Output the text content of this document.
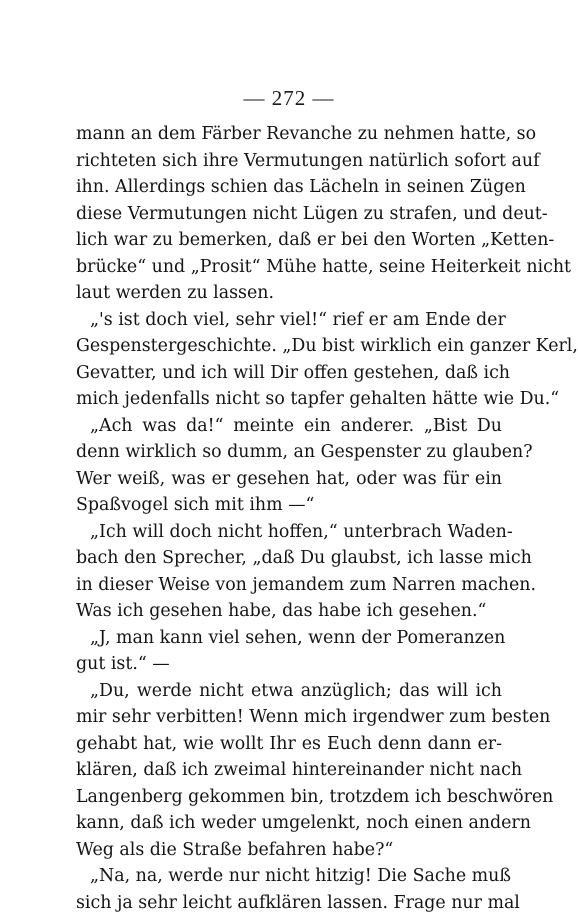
— 272 —
mann an dem Färber Revanche zu nehmen hatte, so
richteten sich ihre Vermutungen natürlich sofort auf
ihn. Allerdings schien das Lächeln in seinen Zügen
diese Vermutungen nicht Lügen zu strafen, und deut-
lich war zu bemerken, daß er bei den Worten „Ketten-
brücke“ und „Prosit“ Mühe hatte, seine Heiterkeit nicht
laut werden zu lassen.
„'s ist doch viel, sehr viel!“ rief er am Ende der
Gespenstergeschichte. „Du bist wirklich ein ganzer Kerl,
Gevatter, und ich will Dir offen gestehen, daß ich
mich jedenfalls nicht so tapfer gehalten hätte wie Du.“
„Ach was da!“ meinte ein anderer. „Bist Du
denn wirklich so dumm, an Gespenster zu glauben?
Wer weiß, was er gesehen hat, oder was für ein
Spaßvogel sich mit ihm —“
„Ich will doch nicht hoffen,“ unterbrach Waden-
bach den Sprecher, „daß Du glaubst, ich lasse mich
in dieser Weise von jemandem zum Narren machen.
Was ich gesehen habe, das habe ich gesehen.“
„J, man kann viel sehen, wenn der Pomeranzen
gut ist.“ —
„Du, werde nicht etwa anzüglich; das will ich
mir sehr verbitten! Wenn mich irgendwer zum besten
gehabt hat, wie wollt Ihr es Euch denn dann er-
klären, daß ich zweimal hintereinander nicht nach
Langenberg gekommen bin, trotzdem ich beschwören
kann, daß ich weder umgelenkt, noch einen andern
Weg als die Straße befahren habe?“
„Na, na, werde nur nicht hitzig! Die Sache muß
sich ja sehr leicht aufklären lassen. Frage nur mal
